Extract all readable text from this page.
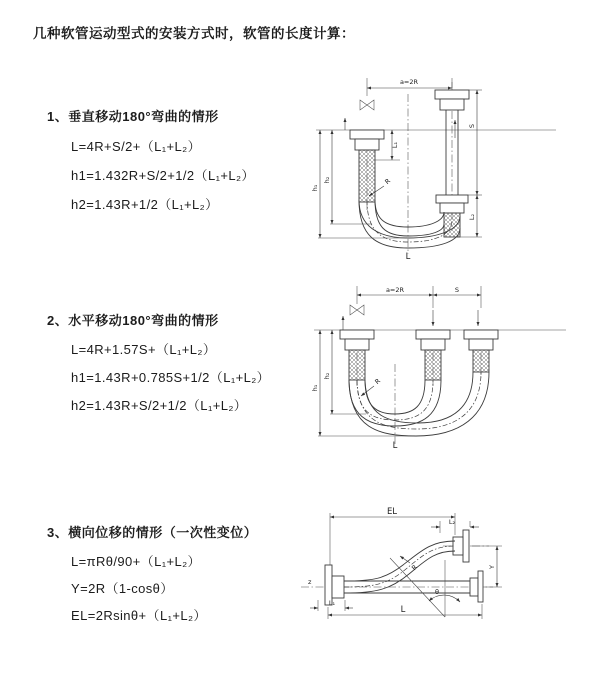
几种软管运动型式的安装方式时，软管的长度计算：
1、垂直移动180°弯曲的情形
L=4R+S/2+（L₁+L₂）
h1=1.432R+S/2+1/2（L₁+L₂）
h2=1.43R+1/2（L₁+L₂）
2、水平移动180°弯曲的情形
L=4R+1.57S+（L₁+L₂）
h1=1.43R+0.785S+1/2（L₁+L₂）
h2=1.43R+S/2+1/2（L₁+L₂）
3、横向位移的情形（一次性变位）
L=πRθ/90+（L₁+L₂）
Y=2R（1-cosθ）
EL=2Rsinθ+（L₁+L₂）
a=2R
L₁
R
h₁
h₂
S
L₂
L
a=2R	S
R
h₁
h₂
L
z
EL
L₂
R
θ
Y
L₁
L
